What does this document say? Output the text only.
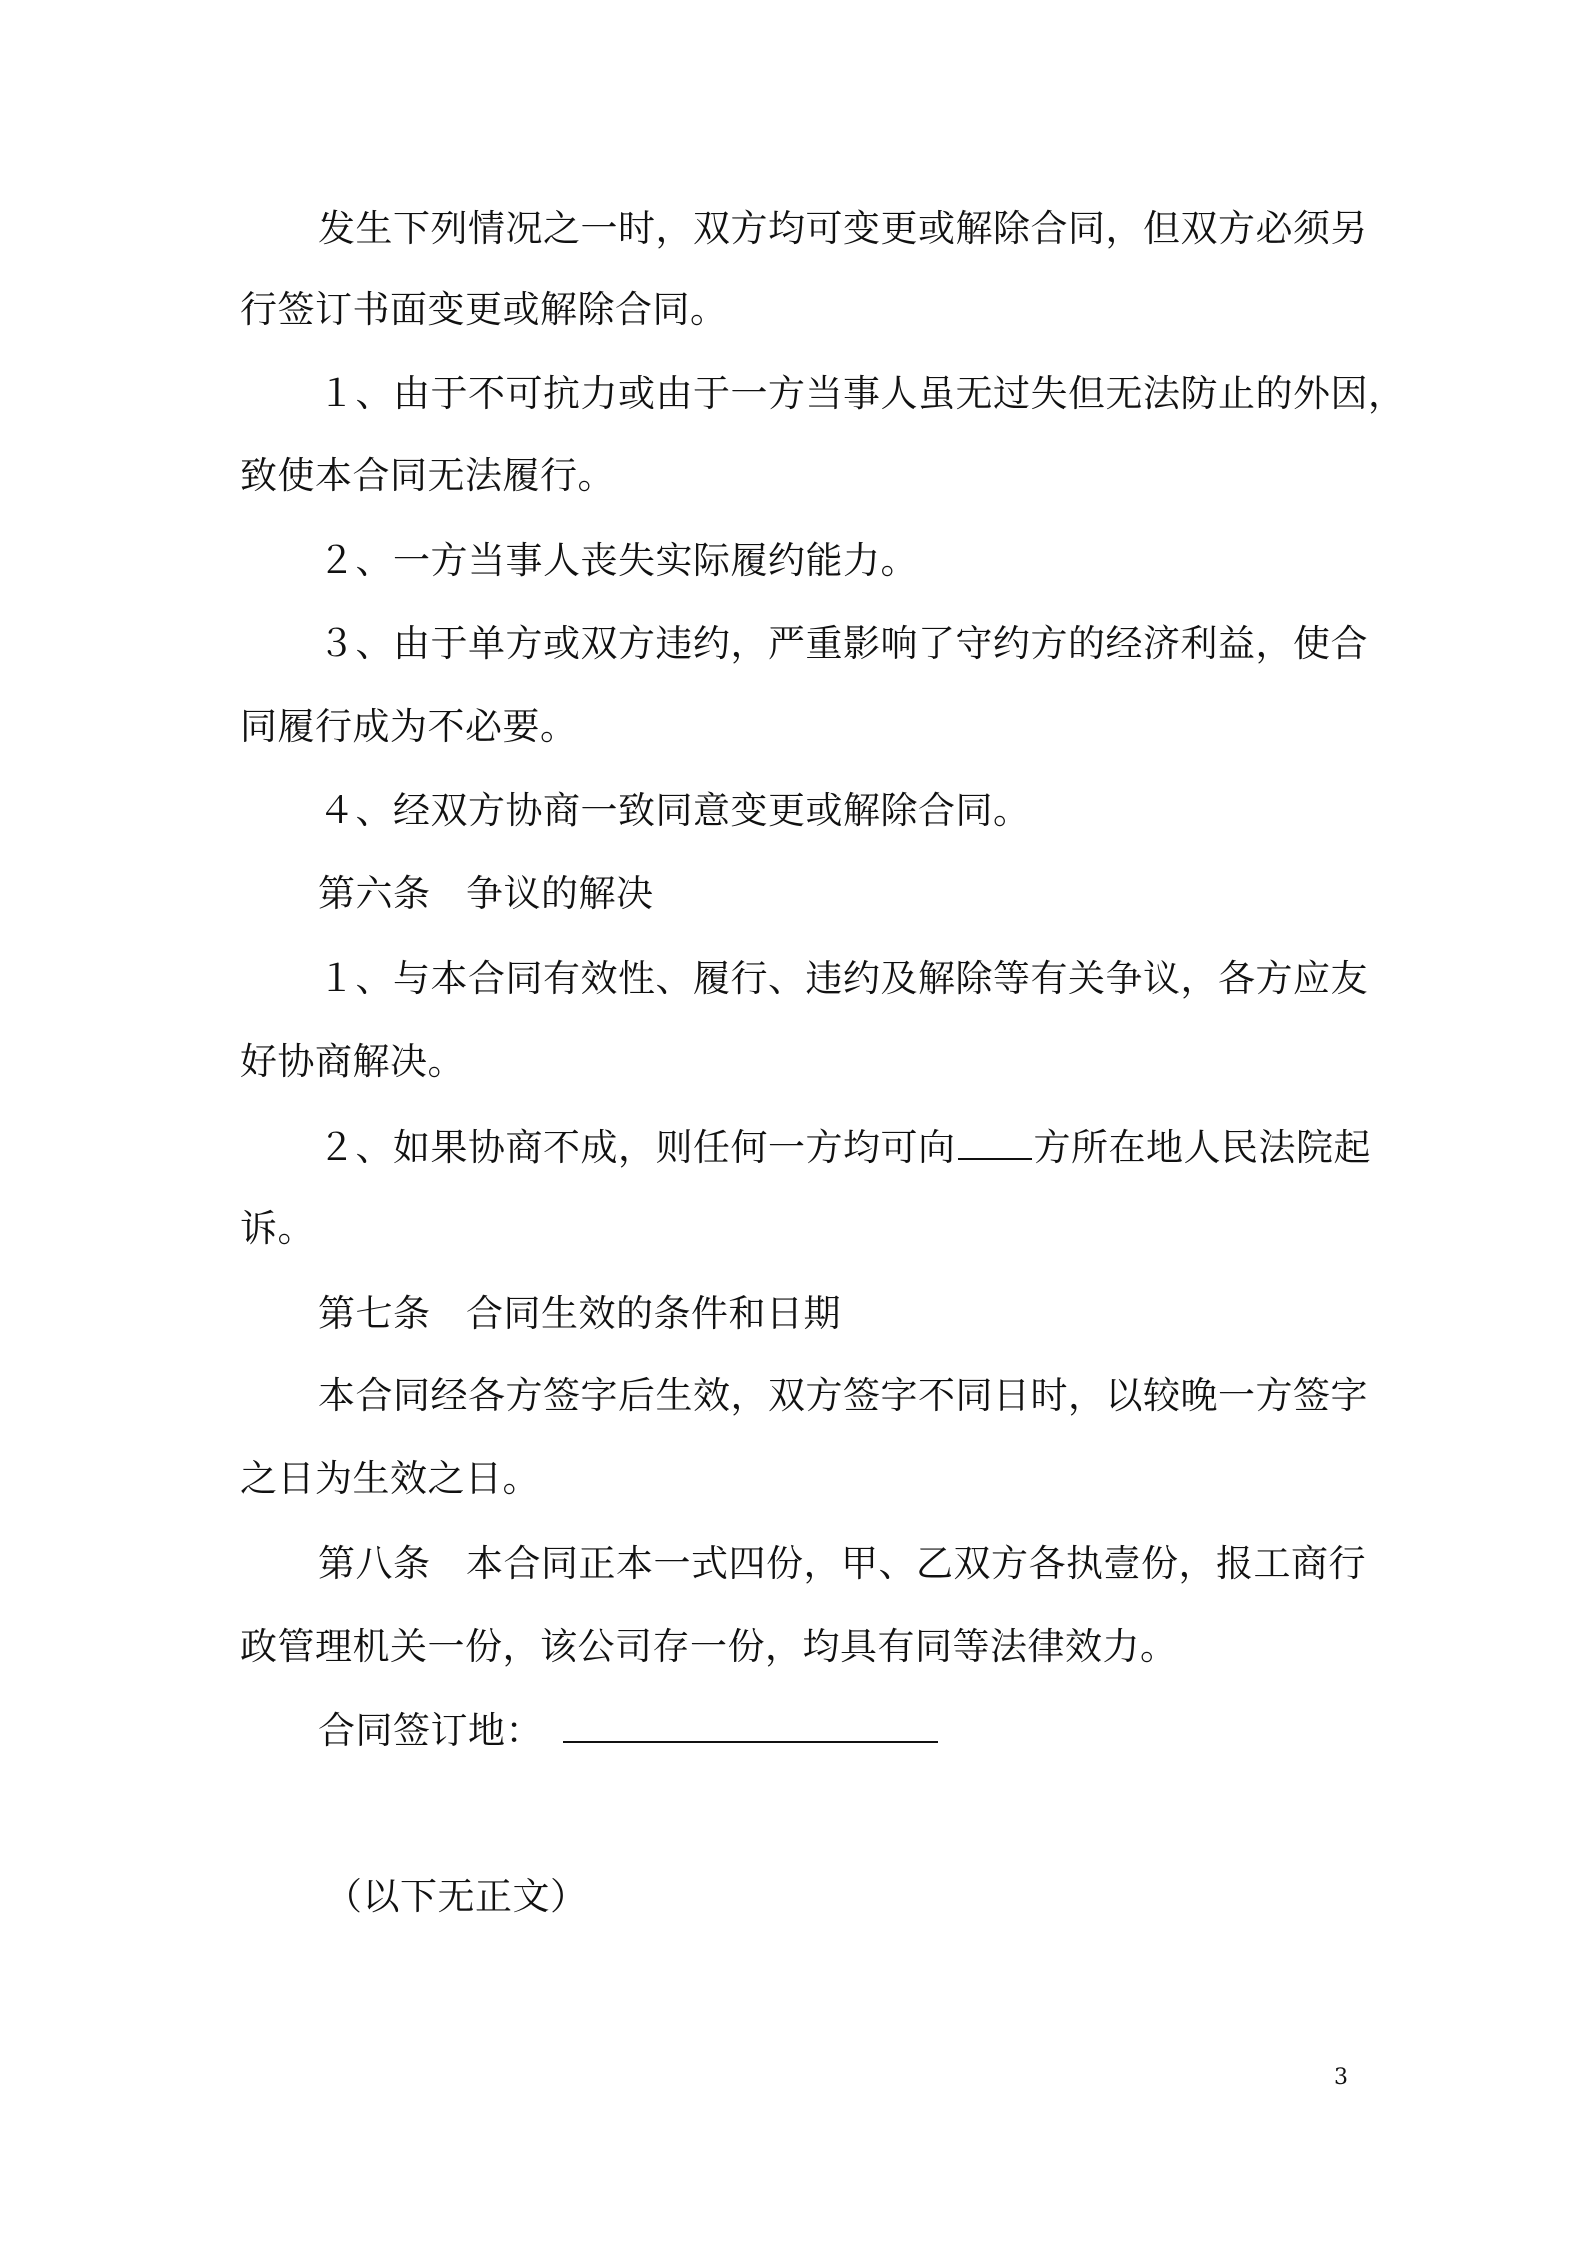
发生下列情况之一时，双方均可变更或解除合同，但双方必须另
行签订书面变更或解除合同。
１、由于不可抗力或由于一方当事人虽无过失但无法防止的外因，
致使本合同无法履行。
２、一方当事人丧失实际履约能力。
３、由于单方或双方违约，严重影响了守约方的经济利益，使合
同履行成为不必要。
４、经双方协商一致同意变更或解除合同。
第六条 争议的解决
１、与本合同有效性、履行、违约及解除等有关争议，各方应友
好协商解决。
２、如果协商不成，则任何一方均可向 方所在地人民法院起
诉。
第七条 合同生效的条件和日期
本合同经各方签字后生效，双方签字不同日时，以较晚一方签字
之日为生效之日。
第八条 本合同正本一式四份，甲、乙双方各执壹份，报工商行
政管理机关一份，该公司存一份，均具有同等法律效力。
合同签订地：
（以下无正文）
3
